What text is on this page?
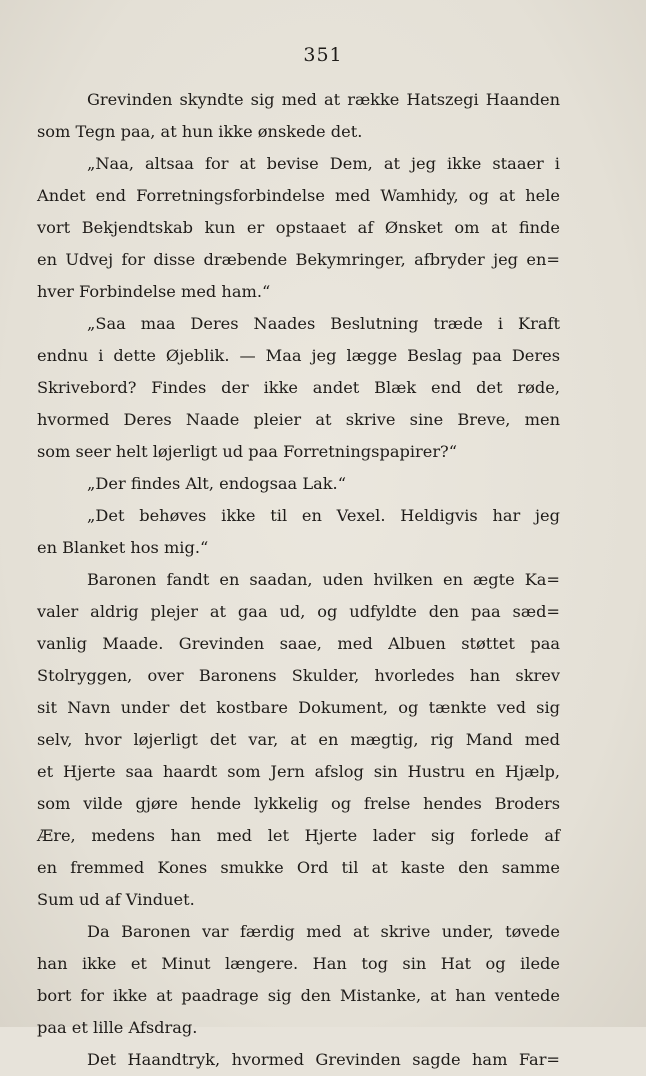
351
Grevinden skyndte sig med at række Hatszegi Haanden
som Tegn paa, at hun ikke ønskede det.
„Naa, altsaa for at bevise Dem, at jeg ikke staaer i
Andet end Forretningsforbindelse med Wamhidy, og at hele
vort Bekjendtskab kun er opstaaet af Ønsket om at finde
en Udvej for disse dræbende Bekymringer, afbryder jeg en=
hver Forbindelse med ham.“
„Saa maa Deres Naades Beslutning træde i Kraft
endnu i dette Øjeblik. — Maa jeg lægge Beslag paa Deres
Skrivebord? Findes der ikke andet Blæk end det røde,
hvormed Deres Naade pleier at skrive sine Breve, men
som seer helt løjerligt ud paa Forretningspapirer?“
„Der findes Alt, endogsaa Lak.“
„Det behøves ikke til en Vexel. Heldigvis har jeg
en Blanket hos mig.“
Baronen fandt en saadan, uden hvilken en ægte Ka=
valer aldrig plejer at gaa ud, og udfyldte den paa sæd=
vanlig Maade. Grevinden saae, med Albuen støttet paa
Stolryggen, over Baronens Skulder, hvorledes han skrev
sit Navn under det kostbare Dokument, og tænkte ved sig
selv, hvor løjerligt det var, at en mægtig, rig Mand med
et Hjerte saa haardt som Jern afslog sin Hustru en Hjælp,
som vilde gjøre hende lykkelig og frelse hendes Broders
Ære, medens han med let Hjerte lader sig forlede af
en fremmed Kones smukke Ord til at kaste den samme
Sum ud af Vinduet.
Da Baronen var færdig med at skrive under, tøvede
han ikke et Minut længere. Han tog sin Hat og ilede
bort for ikke at paadrage sig den Mistanke, at han ventede
paa et lille Afsdrag.
Det Haandtryk, hvormed Grevinden sagde ham Far=
